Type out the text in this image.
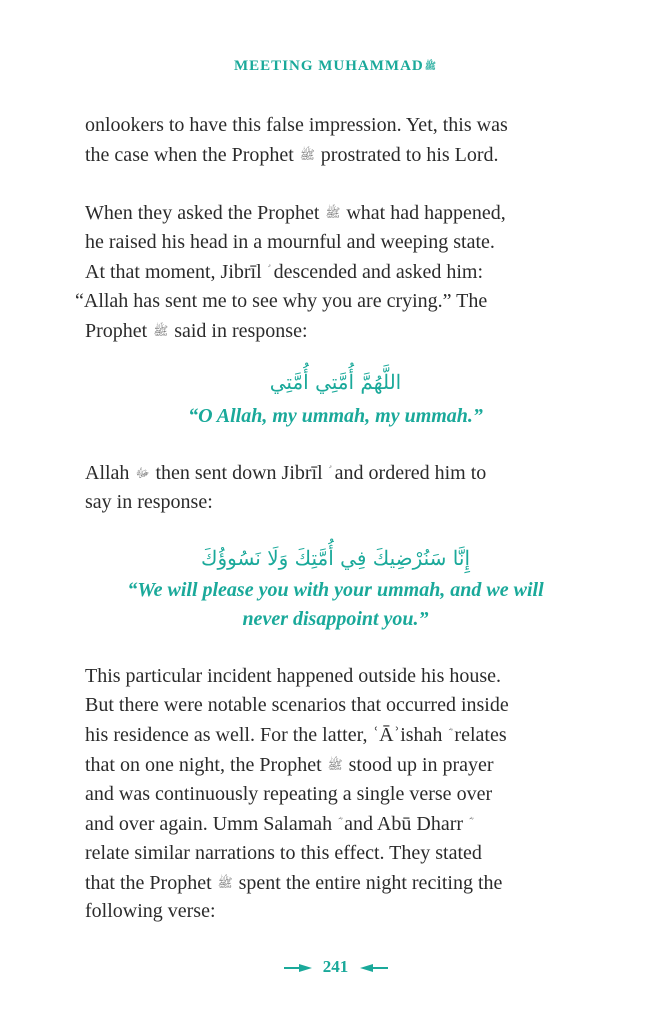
MEETING MUHAMMADﷺ
onlookers to have this false impression. Yet, this was
the case when the Prophet ﷺ prostrated to his Lord.
When they asked the Prophet ﷺ what had happened,
he raised his head in a mournful and weeping state.
At that moment, Jibrīl descended and asked him:
“Allah has sent me to see why you are crying.” The
Prophet ﷺ said in response:
اللَّهُمَّ أُمَّتِي أُمَّتِي
“O Allah, my ummah, my ummah.”
Allah ﷻ then sent down Jibrīl and ordered him to
say in response:
إِنَّا سَنُرْضِيكَ فِي أُمَّتِكَ وَلَا نَسُوؤُكَ
“We will please you with your ummah, and we will
never disappoint you.”
This particular incident happened outside his house.
But there were notable scenarios that occurred inside
his residence as well. For the latter, ʿĀʾishah relates
that on one night, the Prophet ﷺ stood up in prayer
and was continuously repeating a single verse over
and over again. Umm Salamah and Abū Dharr
relate similar narrations to this effect. They stated
that the Prophet ﷺ spent the entire night reciting the
following verse:
241
